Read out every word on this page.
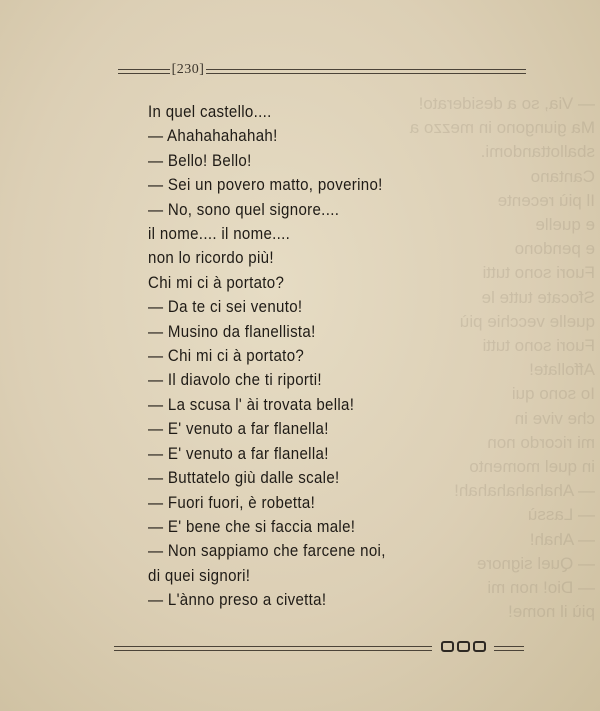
— Via, so a desiderato!
Ma giungono in mezzo a
sballottandomi.
Cantano
Il più recente
e quelle
e pendono
Fuori sono tutti
Sfocate tutte le
quelle vecchie più
Fuori sono tutti
Affollate!
Io sono qui
che vive in
mi ricordo non
in quel momento
— Ahahahahahah!
— Lassù
— Ahah!
— Quel signore
— Dio! non mi
più il nome!
[230]
In quel castello....
— Ahahahahahah!
— Bello! Bello!
— Sei un povero matto, poverino!
— No, sono quel signore....
il nome.... il nome....
non lo ricordo più!
Chi mi ci à portato?
— Da te ci sei venuto!
— Musino da flanellista!
— Chi mi ci à portato?
— Il diavolo che ti riporti!
— La scusa l' ài trovata bella!
— E' venuto a far flanella!
— E' venuto a far flanella!
— Buttatelo giù dalle scale!
— Fuori fuori, è robetta!
— E' bene che si faccia male!
— Non sappiamo che farcene noi,
di quei signori!
— L'ànno preso a civetta!
